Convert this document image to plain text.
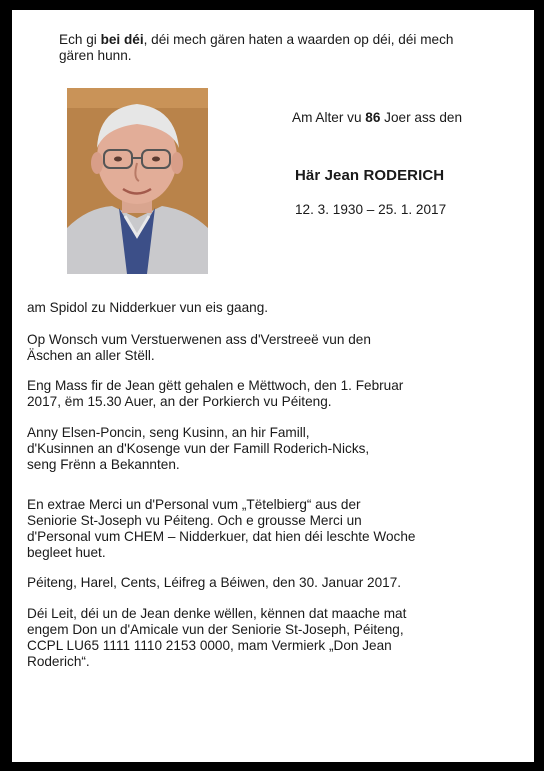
Ech gi bei déi, déi mech gären haten a waarden op déi, déi mech
gären hunn.

Am Alter vu 86 Joer ass den

Här Jean RODERICH

12. 3. 1930 – 25. 1. 2017

am Spidol zu Nidderkuer vun eis gaang.

Op Wonsch vum Verstuerwenen ass d'Verstreeë vun den
Äschen an aller Stëll.

Eng Mass fir de Jean gëtt gehalen e Mëttwoch, den 1. Februar
2017, ëm 15.30 Auer, an der Porkierch vu Péiteng.

Anny Elsen-Poncin, seng Kusinn, an hir Famill,
d'Kusinnen an d'Kosenge vun der Famill Roderich-Nicks,
seng Frënn a Bekannten.

En extrae Merci un d'Personal vum „Tëtelbierg“ aus der
Seniorie St-Joseph vu Péiteng. Och e grousse Merci un
d'Personal vum CHEM – Nidderkuer, dat hien déi leschte Woche
begleet huet.

Péiteng, Harel, Cents, Léifreg a Béiwen, den 30. Januar 2017.

Déi Leit, déi un de Jean denke wëllen, kënnen dat maache mat
engem Don un d'Amicale vun der Seniorie St-Joseph, Péiteng,
CCPL LU65 1111 1110 2153 0000, mam Vermierk „Don Jean
Roderich“.
